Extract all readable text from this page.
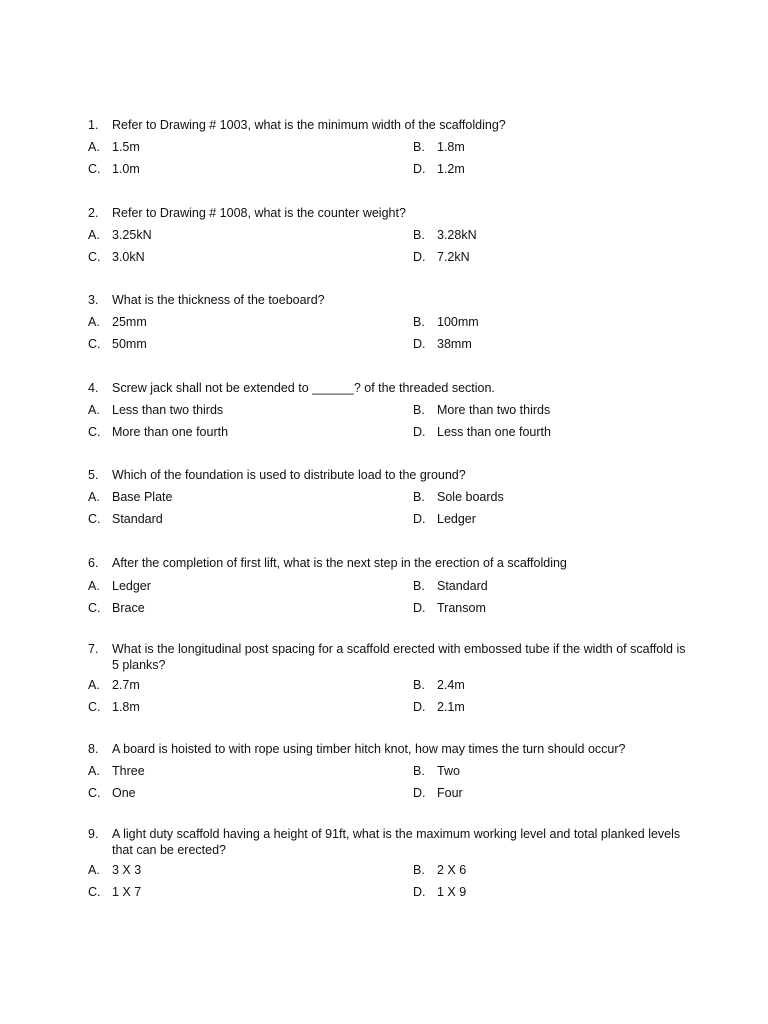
1.	Refer to Drawing # 1003, what is the minimum width of the scaffolding?
A. 1.5m	B. 1.8m
C. 1.0m	D. 1.2m
2.	Refer to Drawing # 1008, what is the counter weight?
A. 3.25kN	B. 3.28kN
C. 3.0kN	D. 7.2kN
3.	What is the thickness of the toeboard?
A. 25mm	B. 100mm
C. 50mm	D. 38mm
4.	Screw jack shall not be extended to ______? of the threaded section.
A. Less than two thirds	B. More than two thirds
C. More than one fourth	D. Less than one fourth
5.	Which of the foundation is used to distribute load to the ground?
A. Base Plate	B. Sole boards
C. Standard	D. Ledger
6.	After the completion of first lift, what is the next step in the erection of a scaffolding
A. Ledger	B. Standard
C. Brace	D. Transom
7.	What is the longitudinal post spacing for a scaffold erected with embossed tube if the width of scaffold is 5 planks?
A. 2.7m	B. 2.4m
C. 1.8m	D. 2.1m
8.	A board is hoisted to with rope using timber hitch knot, how may times the turn should occur?
A. Three	B. Two
C. One	D. Four
9.	A light duty scaffold having a height of 91ft, what is the maximum working level and total planked levels that can be erected?
A. 3 X 3	B. 2 X 6
C. 1 X 7	D. 1 X 9
